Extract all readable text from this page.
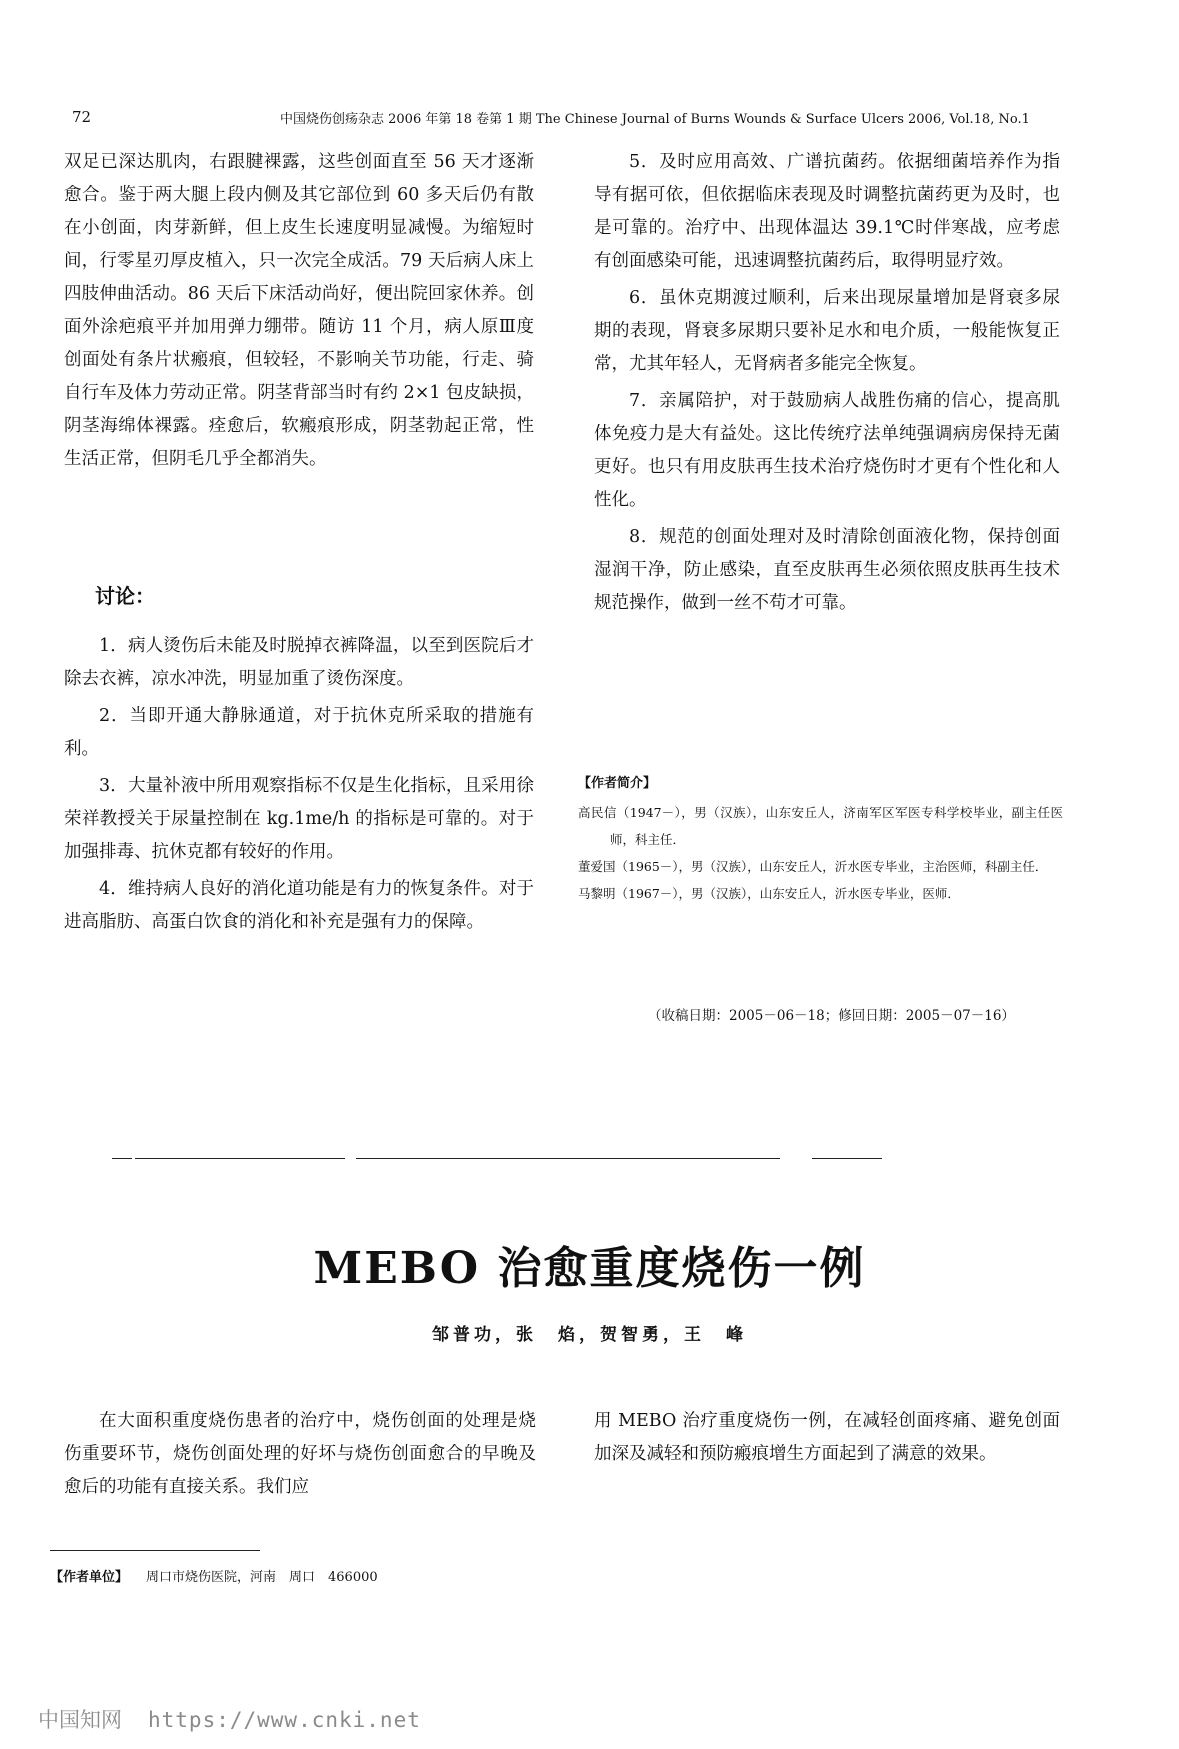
72	中国烧伤创疡杂志 2006 年第 18 卷第 1 期 The Chinese Journal of Burns Wounds & Surface Ulcers 2006, Vol.18, No.1

双足已深达肌肉，右跟腱裸露，这些创面直至 56 天才逐渐愈合。鉴于两大腿上段内侧及其它部位到 60 多天后仍有散在小创面，肉芽新鲜，但上皮生长速度明显减慢。为缩短时间，行零星刃厚皮植入，只一次完全成活。79 天后病人床上四肢伸曲活动。86 天后下床活动尚好，便出院回家休养。创面外涂疤痕平并加用弹力绷带。随访 11 个月，病人原Ⅲ度创面处有条片状瘢痕，但较轻，不影响关节功能，行走、骑自行车及体力劳动正常。阴茎背部当时有约 2×1 包皮缺损，阴茎海绵体裸露。痊愈后，软瘢痕形成，阴茎勃起正常，性生活正常，但阴毛几乎全都消失。

讨论：

1．病人烫伤后未能及时脱掉衣裤降温，以至到医院后才除去衣裤，凉水冲洗，明显加重了烫伤深度。

2．当即开通大静脉通道，对于抗休克所采取的措施有利。

3．大量补液中所用观察指标不仅是生化指标，且采用徐荣祥教授关于尿量控制在 kg.1me/h 的指标是可靠的。对于加强排毒、抗休克都有较好的作用。

4．维持病人良好的消化道功能是有力的恢复条件。对于进高脂肪、高蛋白饮食的消化和补充是强有力的保障。

5．及时应用高效、广谱抗菌药。依据细菌培养作为指导有据可依，但依据临床表现及时调整抗菌药更为及时，也是可靠的。治疗中、出现体温达 39.1℃时伴寒战，应考虑有创面感染可能，迅速调整抗菌药后，取得明显疗效。

6．虽休克期渡过顺利，后来出现尿量增加是肾衰多尿期的表现，肾衰多尿期只要补足水和电介质，一般能恢复正常，尤其年轻人，无肾病者多能完全恢复。

7．亲属陪护，对于鼓励病人战胜伤痛的信心，提高肌体免疫力是大有益处。这比传统疗法单纯强调病房保持无菌更好。也只有用皮肤再生技术治疗烧伤时才更有个性化和人性化。

8．规范的创面处理对及时清除创面液化物，保持创面湿润干净，防止感染，直至皮肤再生必须依照皮肤再生技术规范操作，做到一丝不苟才可靠。

【作者简介】

高民信（1947－），男（汉族），山东安丘人，济南军区军医专科学校毕业，副主任医师，科主任．

董爱国（1965－），男（汉族），山东安丘人，沂水医专毕业，主治医师，科副主任．

马黎明（1967－），男（汉族），山东安丘人，沂水医专毕业，医师．

（收稿日期：2005－06－18；修回日期：2005－07－16）
MEBO 治愈重度烧伤一例
邹普功，张　焰，贺智勇，王　峰

在大面积重度烧伤患者的治疗中，烧伤创面的处理是烧伤重要环节，烧伤创面处理的好坏与烧伤创面愈合的早晚及愈后的功能有直接关系。我们应

用 MEBO 治疗重度烧伤一例，在减轻创面疼痛、避免创面加深及减轻和预防瘢痕增生方面起到了满意的效果。

【作者单位】 周口市烧伤医院，河南　周口　466000
中国知网 https://www.cnki.net
